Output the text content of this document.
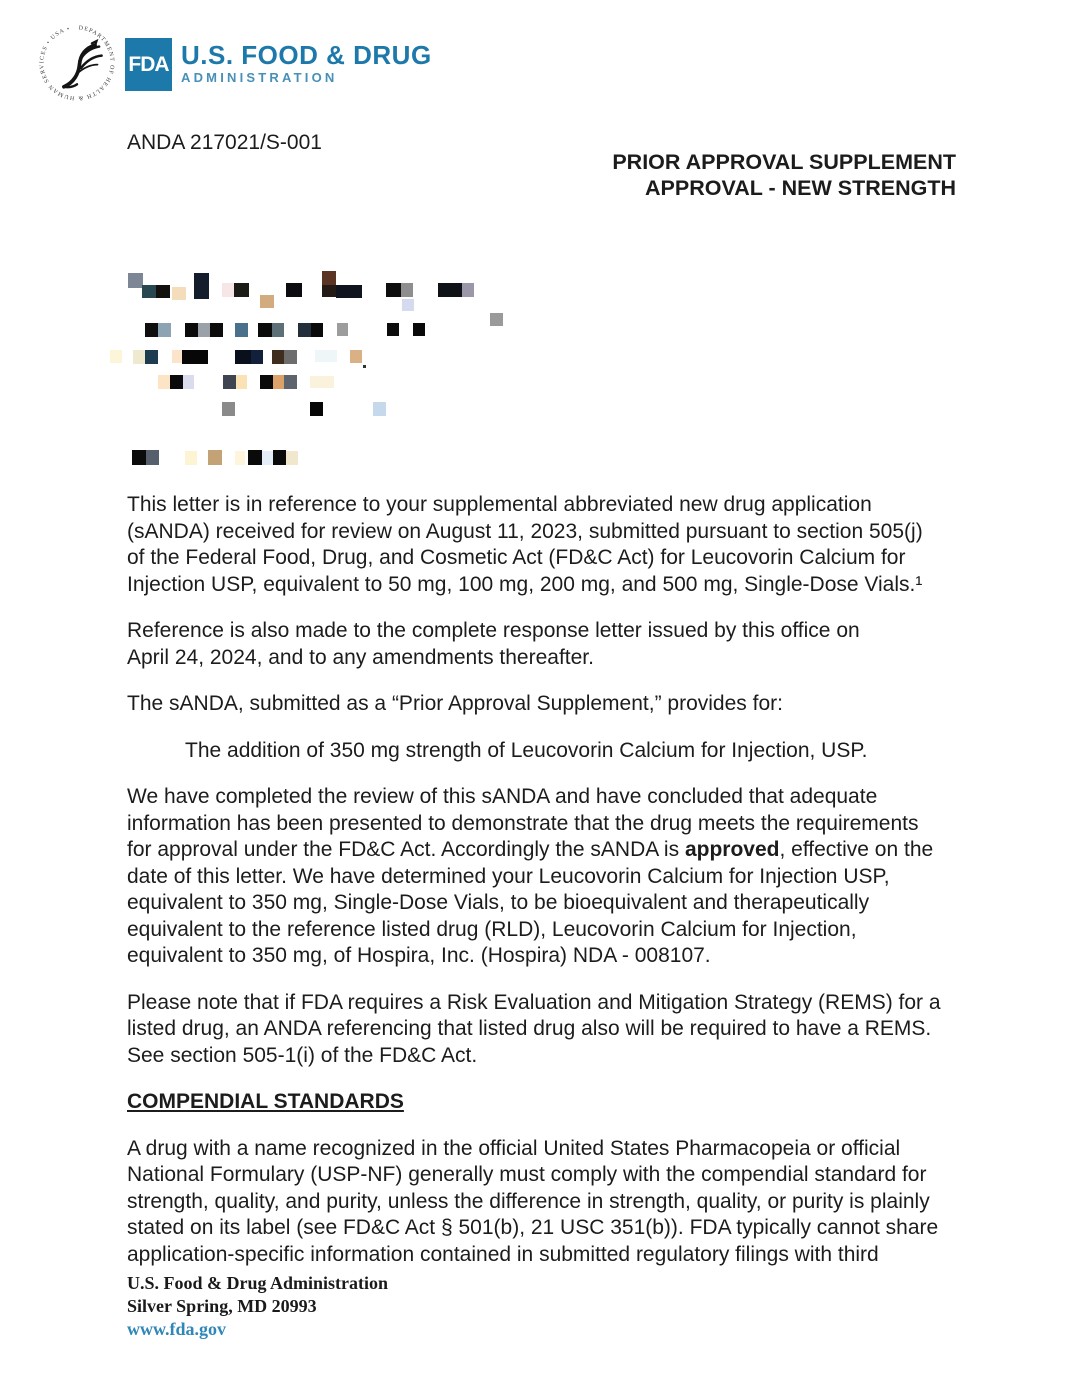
DEPARTMENT OF HEALTH & HUMAN SERVICES • USA •
FDA U.S. FOOD & DRUG
ADMINISTRATION
ANDA 217021/S-001
PRIOR APPROVAL SUPPLEMENT
APPROVAL - NEW STRENGTH
This letter is in reference to your supplemental abbreviated new drug application
(sANDA) received for review on August 11, 2023, submitted pursuant to section 505(j)
of the Federal Food, Drug, and Cosmetic Act (FD&C Act) for Leucovorin Calcium for
Injection USP, equivalent to 50 mg, 100 mg, 200 mg, and 500 mg, Single-Dose Vials.¹
Reference is also made to the complete response letter issued by this office on
April 24, 2024, and to any amendments thereafter.
The sANDA, submitted as a “Prior Approval Supplement,” provides for:
The addition of 350 mg strength of Leucovorin Calcium for Injection, USP.
We have completed the review of this sANDA and have concluded that adequate
information has been presented to demonstrate that the drug meets the requirements
for approval under the FD&C Act. Accordingly the sANDA is approved, effective on the
date of this letter. We have determined your Leucovorin Calcium for Injection USP,
equivalent to 350 mg, Single-Dose Vials, to be bioequivalent and therapeutically
equivalent to the reference listed drug (RLD), Leucovorin Calcium for Injection,
equivalent to 350 mg, of Hospira, Inc. (Hospira) NDA - 008107.
Please note that if FDA requires a Risk Evaluation and Mitigation Strategy (REMS) for a
listed drug, an ANDA referencing that listed drug also will be required to have a REMS.
See section 505-1(i) of the FD&C Act.
COMPENDIAL STANDARDS
A drug with a name recognized in the official United States Pharmacopeia or official
National Formulary (USP-NF) generally must comply with the compendial standard for
strength, quality, and purity, unless the difference in strength, quality, or purity is plainly
stated on its label (see FD&C Act § 501(b), 21 USC 351(b)). FDA typically cannot share
application-specific information contained in submitted regulatory filings with third
U.S. Food & Drug Administration
Silver Spring, MD 20993
www.fda.gov
